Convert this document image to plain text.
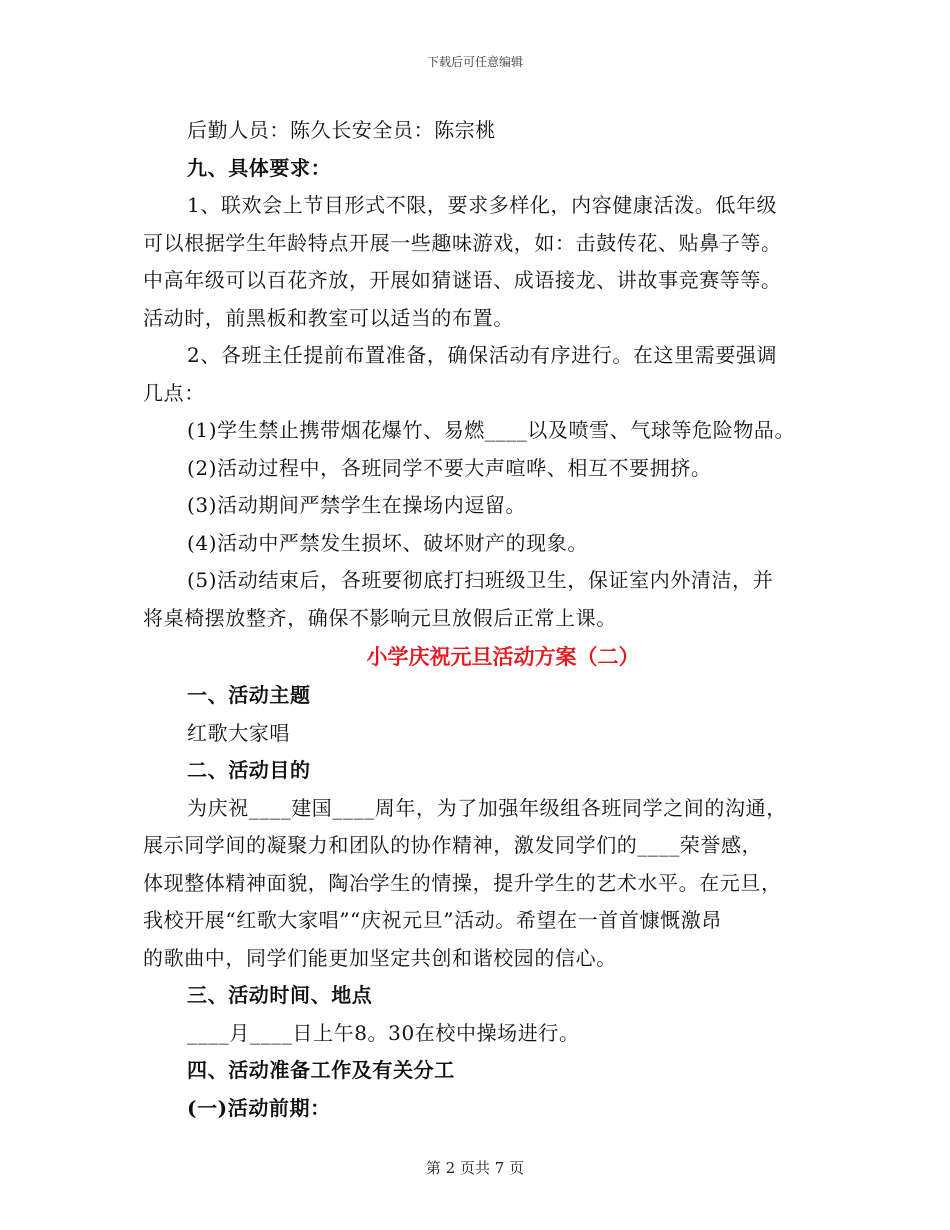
下载后可任意编辑
后勤人员：陈久长安全员：陈宗桃
九、具体要求：
1、联欢会上节目形式不限，要求多样化，内容健康活泼。低年级
可以根据学生年龄特点开展一些趣味游戏，如：击鼓传花、贴鼻子等。
中高年级可以百花齐放，开展如猜谜语、成语接龙、讲故事竞赛等等。
活动时，前黑板和教室可以适当的布置。
2、各班主任提前布置准备，确保活动有序进行。在这里需要强调
几点：
(1)学生禁止携带烟花爆竹、易燃____以及喷雪、气球等危险物品。
(2)活动过程中，各班同学不要大声喧哗、相互不要拥挤。
(3)活动期间严禁学生在操场内逗留。
(4)活动中严禁发生损坏、破坏财产的现象。
(5)活动结束后，各班要彻底打扫班级卫生，保证室内外清洁，并
将桌椅摆放整齐，确保不影响元旦放假后正常上课。
小学庆祝元旦活动方案（二）
一、活动主题
红歌大家唱
二、活动目的
为庆祝____建国____周年，为了加强年级组各班同学之间的沟通，
展示同学间的凝聚力和团队的协作精神，激发同学们的____荣誉感，
体现整体精神面貌，陶冶学生的情操，提升学生的艺术水平。在元旦，
我校开展“红歌大家唱”“庆祝元旦”活动。希望在一首首慷慨激昂
的歌曲中，同学们能更加坚定共创和谐校园的信心。
三、活动时间、地点
____月____日上午8。30在校中操场进行。
四、活动准备工作及有关分工
(一)活动前期：
第 2 页共 7 页
